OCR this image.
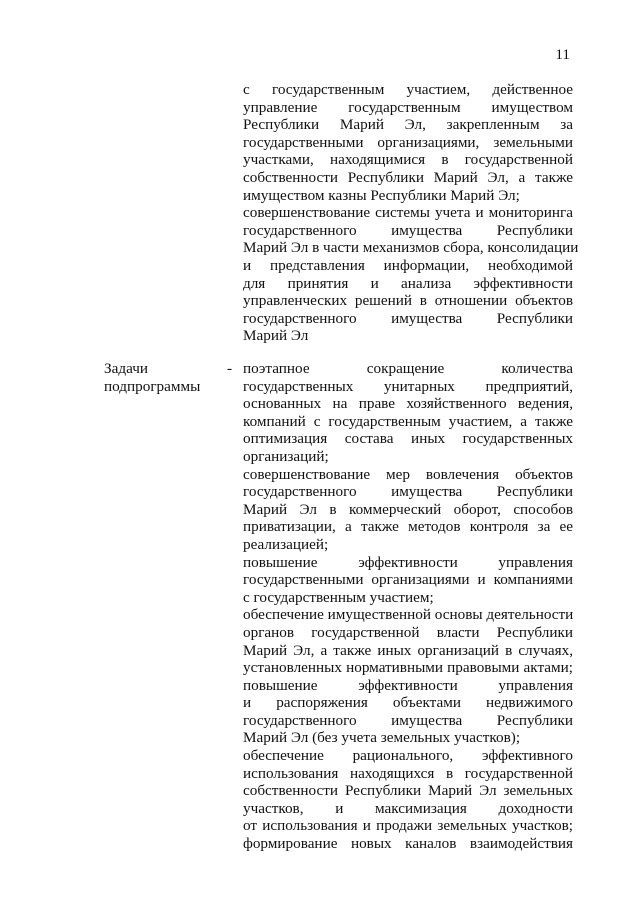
11
с государственным участием, действенное
управление государственным имуществом
Республики Марий Эл, закрепленным за
государственными организациями, земельными
участками, находящимися в государственной
собственности Республики Марий Эл, а также
имуществом казны Республики Марий Эл;
совершенствование системы учета и мониторинга
государственного имущества Республики
Марий Эл в части механизмов сбора, консолидации
и представления информации, необходимой
для принятия и анализа эффективности
управленческих решений в отношении объектов
государственного имущества Республики
Марий Эл
Задачи
подпрограммы
- поэтапное сокращение количества
государственных унитарных предприятий,
основанных на праве хозяйственного ведения,
компаний с государственным участием, а также
оптимизация состава иных государственных
организаций;
совершенствование мер вовлечения объектов
государственного имущества Республики
Марий Эл в коммерческий оборот, способов
приватизации, а также методов контроля за ее
реализацией;
повышение эффективности управления
государственными организациями и компаниями
с государственным участием;
обеспечение имущественной основы деятельности
органов государственной власти Республики
Марий Эл, а также иных организаций в случаях,
установленных нормативными правовыми актами;
повышение эффективности управления
и распоряжения объектами недвижимого
государственного имущества Республики
Марий Эл (без учета земельных участков);
обеспечение рационального, эффективного
использования находящихся в государственной
собственности Республики Марий Эл земельных
участков, и максимизация доходности
от использования и продажи земельных участков;
формирование новых каналов взаимодействия
